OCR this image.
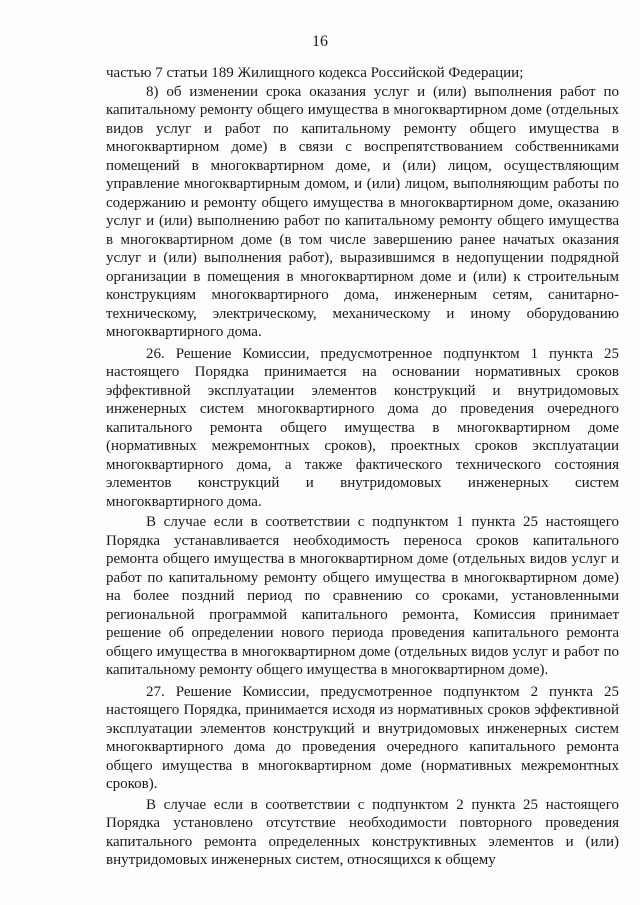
16

частью 7 статьи 189 Жилищного кодекса Российской Федерации;

8) об изменении срока оказания услуг и (или) выполнения работ по капитальному ремонту общего имущества в многоквартирном доме (отдельных видов услуг и работ по капитальному ремонту общего имущества в многоквартирном доме) в связи с воспрепятствованием собственниками помещений в многоквартирном доме, и (или) лицом, осуществляющим управление многоквартирным домом, и (или) лицом, выполняющим работы по содержанию и ремонту общего имущества в многоквартирном доме, оказанию услуг и (или) выполнению работ по капитальному ремонту общего имущества в многоквартирном доме (в том числе завершению ранее начатых оказания услуг и (или) выполнения работ), выразившимся в недопущении подрядной организации в помещения в многоквартирном доме и (или) к строительным конструкциям многоквартирного дома, инженерным сетям, санитарно-техническому, электрическому, механическому и иному оборудованию многоквартирного дома.

26. Решение Комиссии, предусмотренное подпунктом 1 пункта 25 настоящего Порядка принимается на основании нормативных сроков эффективной эксплуатации элементов конструкций и внутридомовых инженерных систем многоквартирного дома до проведения очередного капитального ремонта общего имущества в многоквартирном доме (нормативных межремонтных сроков), проектных сроков эксплуатации многоквартирного дома, а также фактического технического состояния элементов конструкций и внутридомовых инженерных систем многоквартирного дома.

В случае если в соответствии с подпунктом 1 пункта 25 настоящего Порядка устанавливается необходимость переноса сроков капитального ремонта общего имущества в многоквартирном доме (отдельных видов услуг и работ по капитальному ремонту общего имущества в многоквартирном доме) на более поздний период по сравнению со сроками, установленными региональной программой капитального ремонта, Комиссия принимает решение об определении нового периода проведения капитального ремонта общего имущества в многоквартирном доме (отдельных видов услуг и работ по капитальному ремонту общего имущества в многоквартирном доме).

27. Решение Комиссии, предусмотренное подпунктом 2 пункта 25 настоящего Порядка, принимается исходя из нормативных сроков эффективной эксплуатации элементов конструкций и внутридомовых инженерных систем многоквартирного дома до проведения очередного капитального ремонта общего имущества в многоквартирном доме (нормативных межремонтных сроков).

В случае если в соответствии с подпунктом 2 пункта 25 настоящего Порядка установлено отсутствие необходимости повторного проведения капитального ремонта определенных конструктивных элементов и (или) внутридомовых инженерных систем, относящихся к общему
